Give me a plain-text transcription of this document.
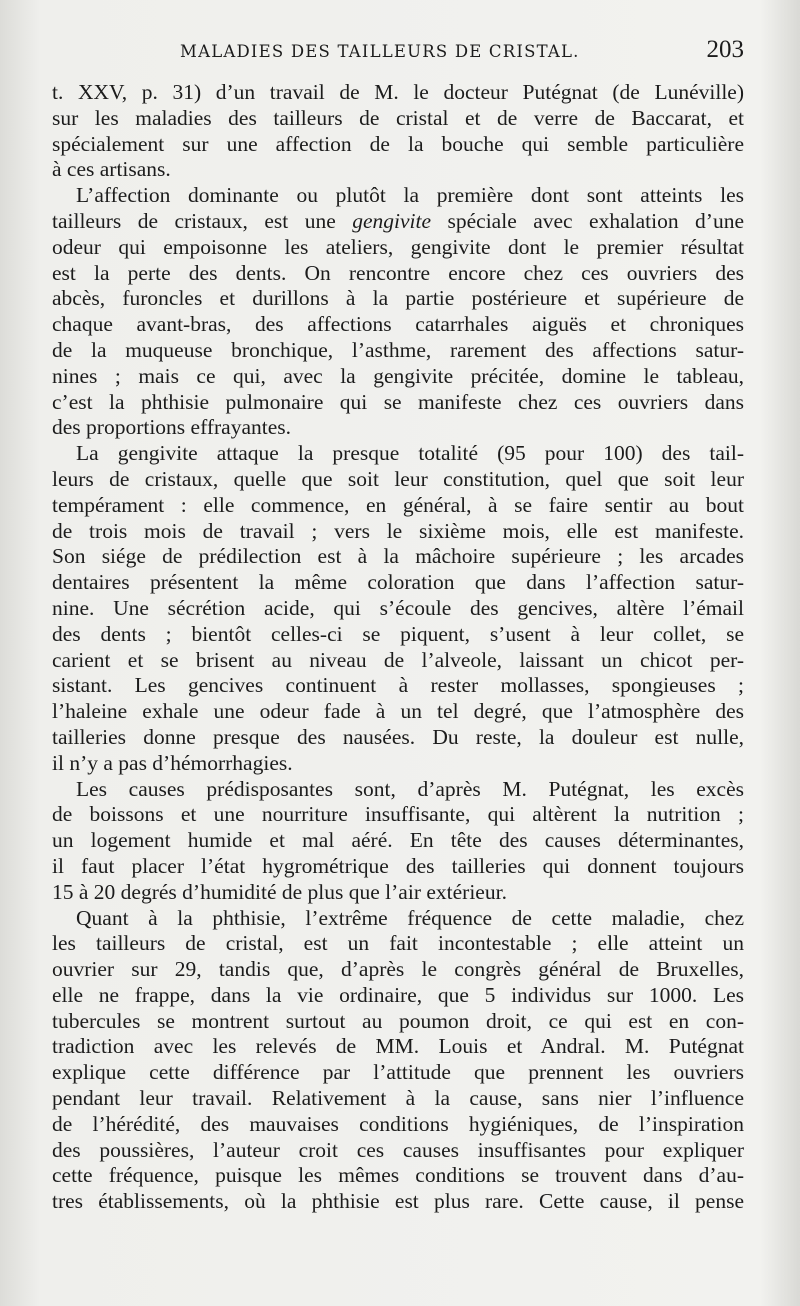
MALADIES DES TAILLEURS DE CRISTAL.	203
t. XXV, p. 31) d’un travail de M. le docteur Putégnat (de Lunéville)
sur les maladies des tailleurs de cristal et de verre de Baccarat, et
spécialement sur une affection de la bouche qui semble particulière
à ces artisans.
L’affection dominante ou plutôt la première dont sont atteints les
tailleurs de cristaux, est une gengivite spéciale avec exhalation d’une
odeur qui empoisonne les ateliers, gengivite dont le premier résultat
est la perte des dents. On rencontre encore chez ces ouvriers des
abcès, furoncles et durillons à la partie postérieure et supérieure de
chaque avant-bras, des affections catarrhales aiguës et chroniques
de la muqueuse bronchique, l’asthme, rarement des affections satur-
nines ; mais ce qui, avec la gengivite précitée, domine le tableau,
c’est la phthisie pulmonaire qui se manifeste chez ces ouvriers dans
des proportions effrayantes.
La gengivite attaque la presque totalité (95 pour 100) des tail-
leurs de cristaux, quelle que soit leur constitution, quel que soit leur
tempérament : elle commence, en général, à se faire sentir au bout
de trois mois de travail ; vers le sixième mois, elle est manifeste.
Son siége de prédilection est à la mâchoire supérieure ; les arcades
dentaires présentent la même coloration que dans l’affection satur-
nine. Une sécrétion acide, qui s’écoule des gencives, altère l’émail
des dents ; bientôt celles-ci se piquent, s’usent à leur collet, se
carient et se brisent au niveau de l’alveole, laissant un chicot per-
sistant. Les gencives continuent à rester mollasses, spongieuses ;
l’haleine exhale une odeur fade à un tel degré, que l’atmosphère des
tailleries donne presque des nausées. Du reste, la douleur est nulle,
il n’y a pas d’hémorrhagies.
Les causes prédisposantes sont, d’après M. Putégnat, les excès
de boissons et une nourriture insuffisante, qui altèrent la nutrition ;
un logement humide et mal aéré. En tête des causes déterminantes,
il faut placer l’état hygrométrique des tailleries qui donnent toujours
15 à 20 degrés d’humidité de plus que l’air extérieur.
Quant à la phthisie, l’extrême fréquence de cette maladie, chez
les tailleurs de cristal, est un fait incontestable ; elle atteint un
ouvrier sur 29, tandis que, d’après le congrès général de Bruxelles,
elle ne frappe, dans la vie ordinaire, que 5 individus sur 1000. Les
tubercules se montrent surtout au poumon droit, ce qui est en con-
tradiction avec les relevés de MM. Louis et Andral. M. Putégnat
explique cette différence par l’attitude que prennent les ouvriers
pendant leur travail. Relativement à la cause, sans nier l’influence
de l’hérédité, des mauvaises conditions hygiéniques, de l’inspiration
des poussières, l’auteur croit ces causes insuffisantes pour expliquer
cette fréquence, puisque les mêmes conditions se trouvent dans d’au-
tres établissements, où la phthisie est plus rare. Cette cause, il pense
